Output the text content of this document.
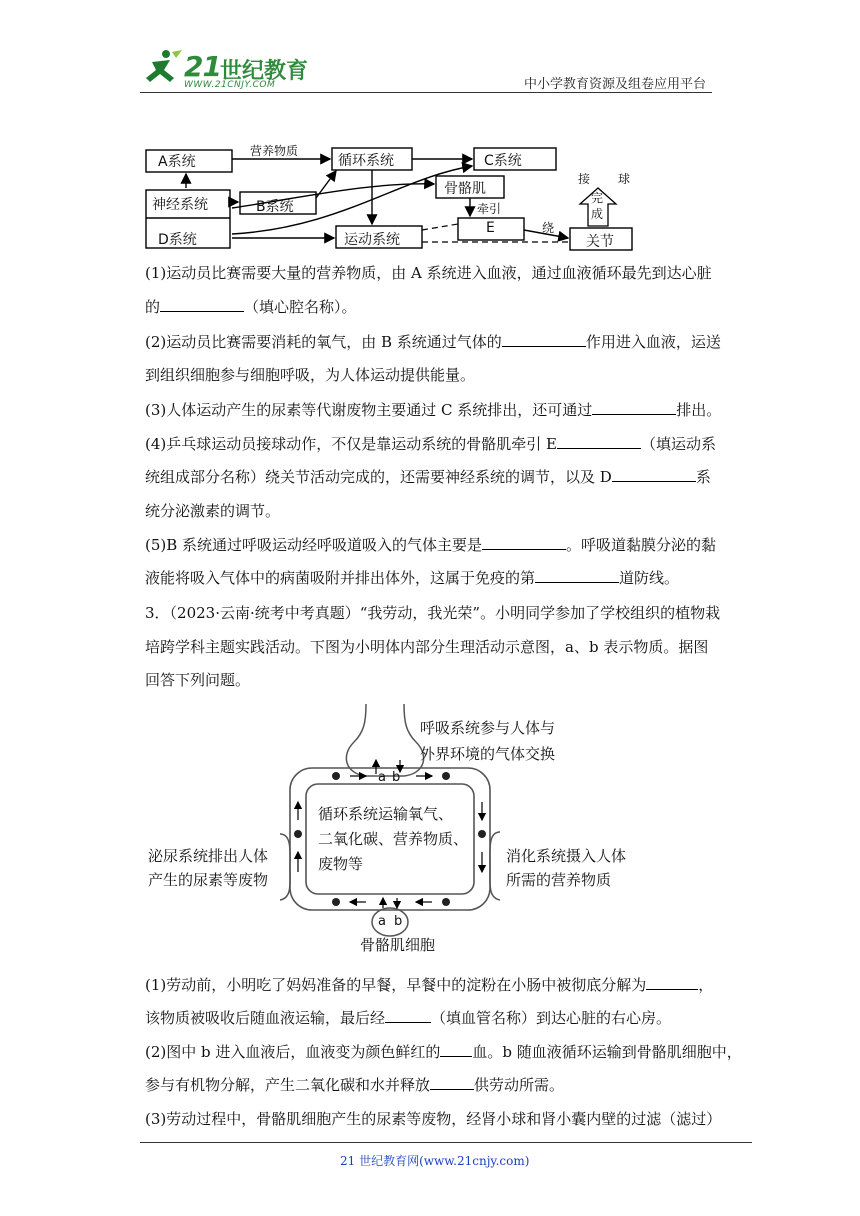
21 世纪教育
WWW.21CNJY.COM	中小学教育资源及组卷应用平台
A系统
营养物质
循环系统	C系统
神经系统	B系统
D系统
骨骼肌
牵引
E
运动系统
绕
关节
接 球
完
成
(1)运动员比赛需要大量的营养物质，由 A 系统进入血液，通过血液循环最先到达心脏
的	（填心腔名称）。
(2)运动员比赛需要消耗的氧气，由 B 系统通过气体的	作用进入血液，运送
到组织细胞参与细胞呼吸，为人体运动提供能量。
(3)人体运动产生的尿素等代谢废物主要通过 C 系统排出，还可通过	排出。
(4)乒乓球运动员接球动作，不仅是靠运动系统的骨骼肌牵引 E	（填运动系
统组成部分名称）绕关节活动完成的，还需要神经系统的调节，以及 D	系
统分泌激素的调节。
(5)B 系统通过呼吸运动经呼吸道吸入的气体主要是	。呼吸道黏膜分泌的黏
液能将吸入气体中的病菌吸附并排出体外，这属于免疫的第	道防线。
3．（2023·云南·统考中考真题）“我劳动，我光荣”。小明同学参加了学校组织的植物栽
培跨学科主题实践活动。下图为小明体内部分生理活动示意图，a、b 表示物质。据图
回答下列问题。
呼吸系统参与人体与
外界环境的气体交换
循环系统运输氧气、
二氧化碳、营养物质、
废物等
泌尿系统排出人体
产生的尿素等废物
消化系统摄入人体
所需的营养物质
骨骼肌细胞
a b
a b
(1)劳动前，小明吃了妈妈准备的早餐，早餐中的淀粉在小肠中被彻底分解为	，
该物质被吸收后随血液运输，最后经	（填血管名称）到达心脏的右心房。
(2)图中 b 进入血液后，血液变为颜色鲜红的 血。b 随血液循环运输到骨骼肌细胞中，
参与有机物分解，产生二氧化碳和水并释放	供劳动所需。
(3)劳动过程中，骨骼肌细胞产生的尿素等废物，经肾小球和肾小囊内壁的过滤（滤过）
21 世纪教育网(www.21cnjy.com)
